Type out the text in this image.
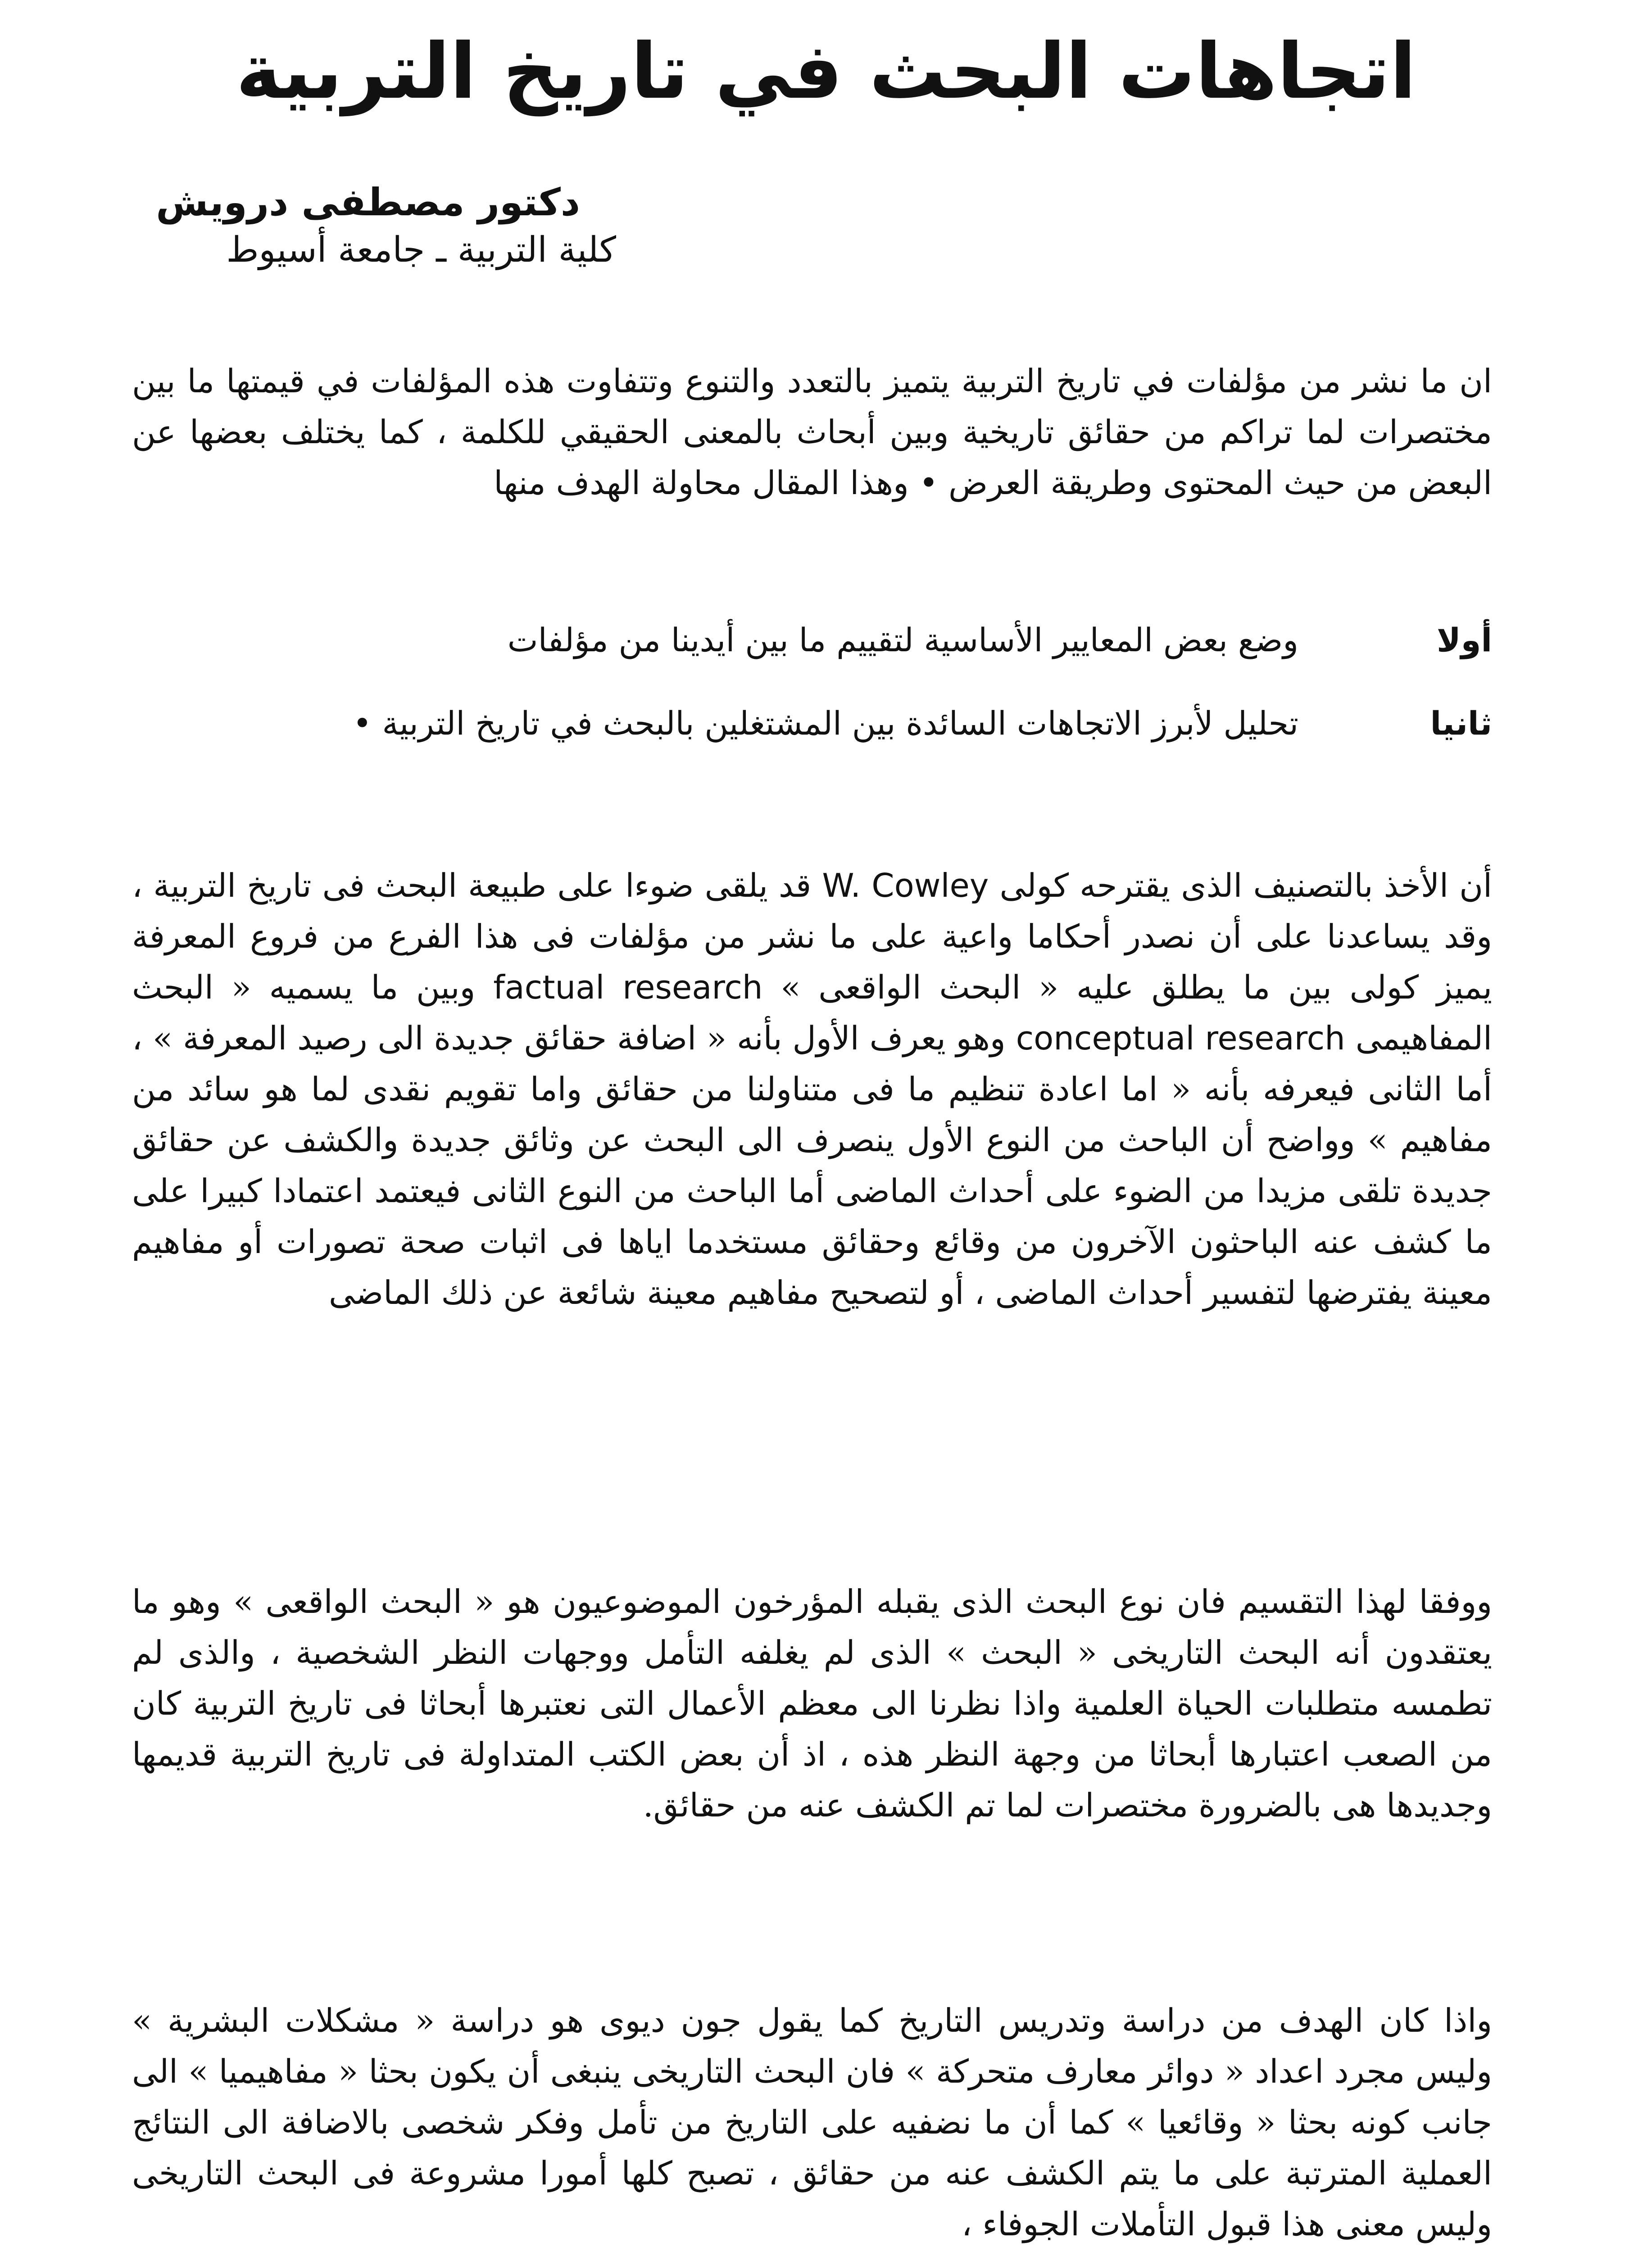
اتجاهات البحث في تاريخ التربية
دكتور مصطفى درويش
كلية التربية ـ جامعة أسيوط
ان ما نشر من مؤلفات في تاريخ التربية يتميز بالتعدد والتنوع وتتفاوت هذه المؤلفات في قيمتها ما بين مختصرات لما تراكم من حقائق تاريخية وبين أبحاث بالمعنى الحقيقي للكلمة ، كما يختلف بعضها عن البعض من حيث المحتوى وطريقة العرض • وهذا المقال محاولة الهدف منها
أولا
وضع بعض المعايير الأساسية لتقييم ما بين أيدينا من مؤلفات
ثانيا
تحليل لأبرز الاتجاهات السائدة بين المشتغلين بالبحث في تاريخ التربية •
أن الأخذ بالتصنيف الذى يقترحه كولى W. Cowley قد يلقى ضوءا على طبيعة البحث فى تاريخ التربية ، وقد يساعدنا على أن نصدر أحكاما واعية على ما نشر من مؤلفات فى هذا الفرع من فروع المعرفة يميز كولى بين ما يطلق عليه « البحث الواقعى » factual research وبين ما يسميه « البحث المفاهيمى conceptual research وهو يعرف الأول بأنه « اضافة حقائق جديدة الى رصيد المعرفة » ، أما الثانى فيعرفه بأنه « اما اعادة تنظيم ما فى متناولنا من حقائق واما تقويم نقدى لما هو سائد من مفاهيم » وواضح أن الباحث من النوع الأول ينصرف الى البحث عن وثائق جديدة والكشف عن حقائق جديدة تلقى مزيدا من الضوء على أحداث الماضى أما الباحث من النوع الثانى فيعتمد اعتمادا كبيرا على ما كشف عنه الباحثون الآخرون من وقائع وحقائق مستخدما اياها فى اثبات صحة تصورات أو مفاهيم معينة يفترضها لتفسير أحداث الماضى ، أو لتصحيح مفاهيم معينة شائعة عن ذلك الماضى
ووفقا لهذا التقسيم فان نوع البحث الذى يقبله المؤرخون الموضوعيون هو « البحث الواقعى » وهو ما يعتقدون أنه البحث التاريخى « البحث » الذى لم يغلفه التأمل ووجهات النظر الشخصية ، والذى لم تطمسه متطلبات الحياة العلمية واذا نظرنا الى معظم الأعمال التى نعتبرها أبحاثا فى تاريخ التربية كان من الصعب اعتبارها أبحاثا من وجهة النظر هذه ، اذ أن بعض الكتب المتداولة فى تاريخ التربية قديمها وجديدها هى بالضرورة مختصرات لما تم الكشف عنه من حقائق.
واذا كان الهدف من دراسة وتدريس التاريخ كما يقول جون ديوى هو دراسة « مشكلات البشرية » وليس مجرد اعداد « دوائر معارف متحركة » فان البحث التاريخى ينبغى أن يكون بحثا « مفاهيميا » الى جانب كونه بحثا « وقائعيا » كما أن ما نضفيه على التاريخ من تأمل وفكر شخصى بالاضافة الى النتائج العملية المترتبة على ما يتم الكشف عنه من حقائق ، تصبح كلها أمورا مشروعة فى البحث التاريخى وليس معنى هذا قبول التأملات الجوفاء ،
